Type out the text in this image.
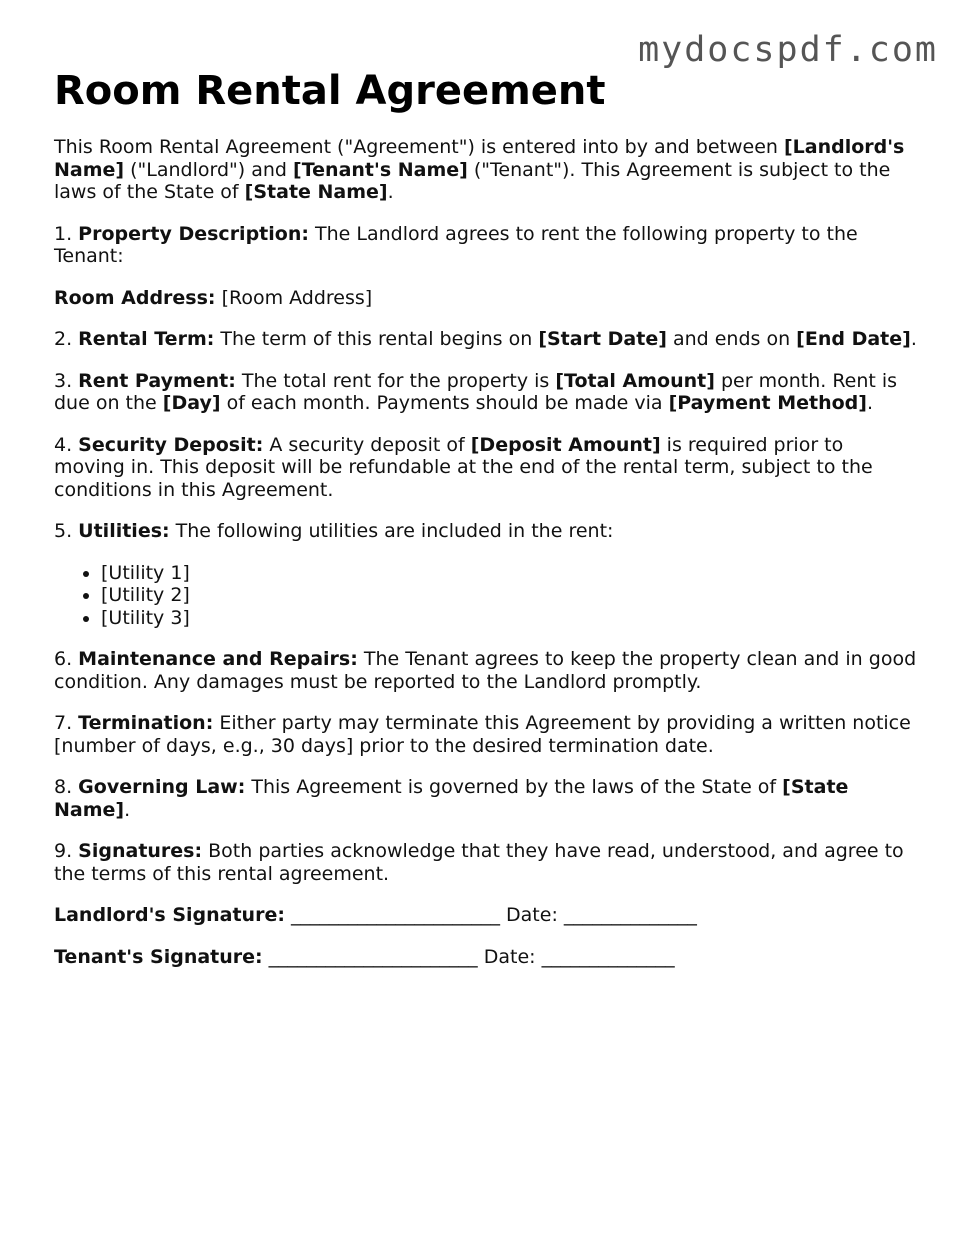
mydocspdf.com
Room Rental Agreement

This Room Rental Agreement ("Agreement") is entered into by and between [Landlord's Name] ("Landlord") and [Tenant's Name] ("Tenant"). This Agreement is subject to the laws of the State of [State Name].

1. Property Description: The Landlord agrees to rent the following property to the Tenant:

Room Address: [Room Address]

2. Rental Term: The term of this rental begins on [Start Date] and ends on [End Date].

3. Rent Payment: The total rent for the property is [Total Amount] per month. Rent is due on the [Day] of each month. Payments should be made via [Payment Method].

4. Security Deposit: A security deposit of [Deposit Amount] is required prior to moving in. This deposit will be refundable at the end of the rental term, subject to the conditions in this Agreement.

5. Utilities: The following utilities are included in the rent:

• [Utility 1]
• [Utility 2]
• [Utility 3]

6. Maintenance and Repairs: The Tenant agrees to keep the property clean and in good condition. Any damages must be reported to the Landlord promptly.

7. Termination: Either party may terminate this Agreement by providing a written notice [number of days, e.g., 30 days] prior to the desired termination date.

8. Governing Law: This Agreement is governed by the laws of the State of [State Name].

9. Signatures: Both parties acknowledge that they have read, understood, and agree to the terms of this rental agreement.

Landlord's Signature: ______________________ Date: ______________

Tenant's Signature: ______________________ Date: ______________
